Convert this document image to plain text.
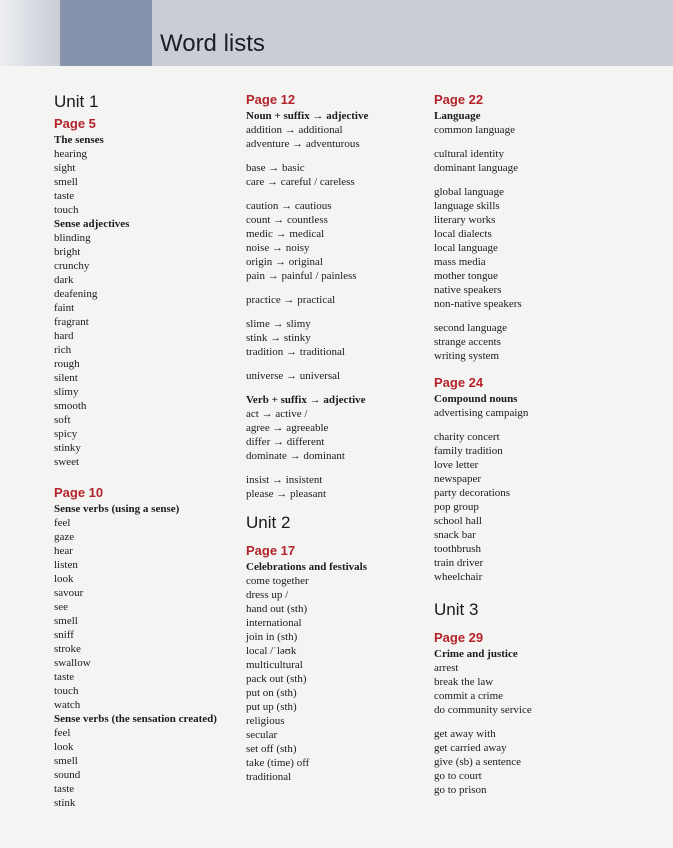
Word lists
Unit 1
Page 5
The senses
hearing
sight
smell
taste
touch
Sense adjectives
blinding
bright
crunchy
dark
deafening
faint
fragrant
hard
rich
rough
silent
slimy
smooth
soft
spicy
stinky
sweet
Page 10
Sense verbs (using a sense)
feel
gaze
hear
listen
look
savour
see
smell
sniff
stroke
swallow
taste
touch
watch
Sense verbs (the sensation created)
feel
look
smell
sound
taste
stink
Page 12
Noun + suffix → adjective
addition → additional
adventure → adventurous
base → basic
care → careful / careless
caution → cautious
count → countless
medic → medical
noise → noisy
origin → original
pain → painful / painless
practice → practical
slime → slimy
stink → stinky
tradition → traditional
universe → universal
Verb + suffix → adjective
act → active /
agree → agreeable
differ → different
dominate → dominant
insist → insistent
please → pleasant
Unit 2
Page 17
Celebrations and festivals
come together
dress up /
hand out (sth)
international
join in (sth)
local /ˈləʊk
multicultural
pack out (sth)
put on (sth)
put up (sth)
religious
secular
set off (sth)
take (time) off
traditional
Page 22
Language
common language
cultural identity
dominant language
global language
language skills
literary works
local dialects
local language
mass media
mother tongue
native speakers
non-native speakers
second language
strange accents
writing system
Page 24
Compound nouns
advertising campaign
charity concert
family tradition
love letter
newspaper
party decorations
pop group
school hall
snack bar
toothbrush
train driver
wheelchair
Unit 3
Page 29
Crime and justice
arrest
break the law
commit a crime
do community service
get away with
get carried away
give (sb) a sentence
go to court
go to prison
